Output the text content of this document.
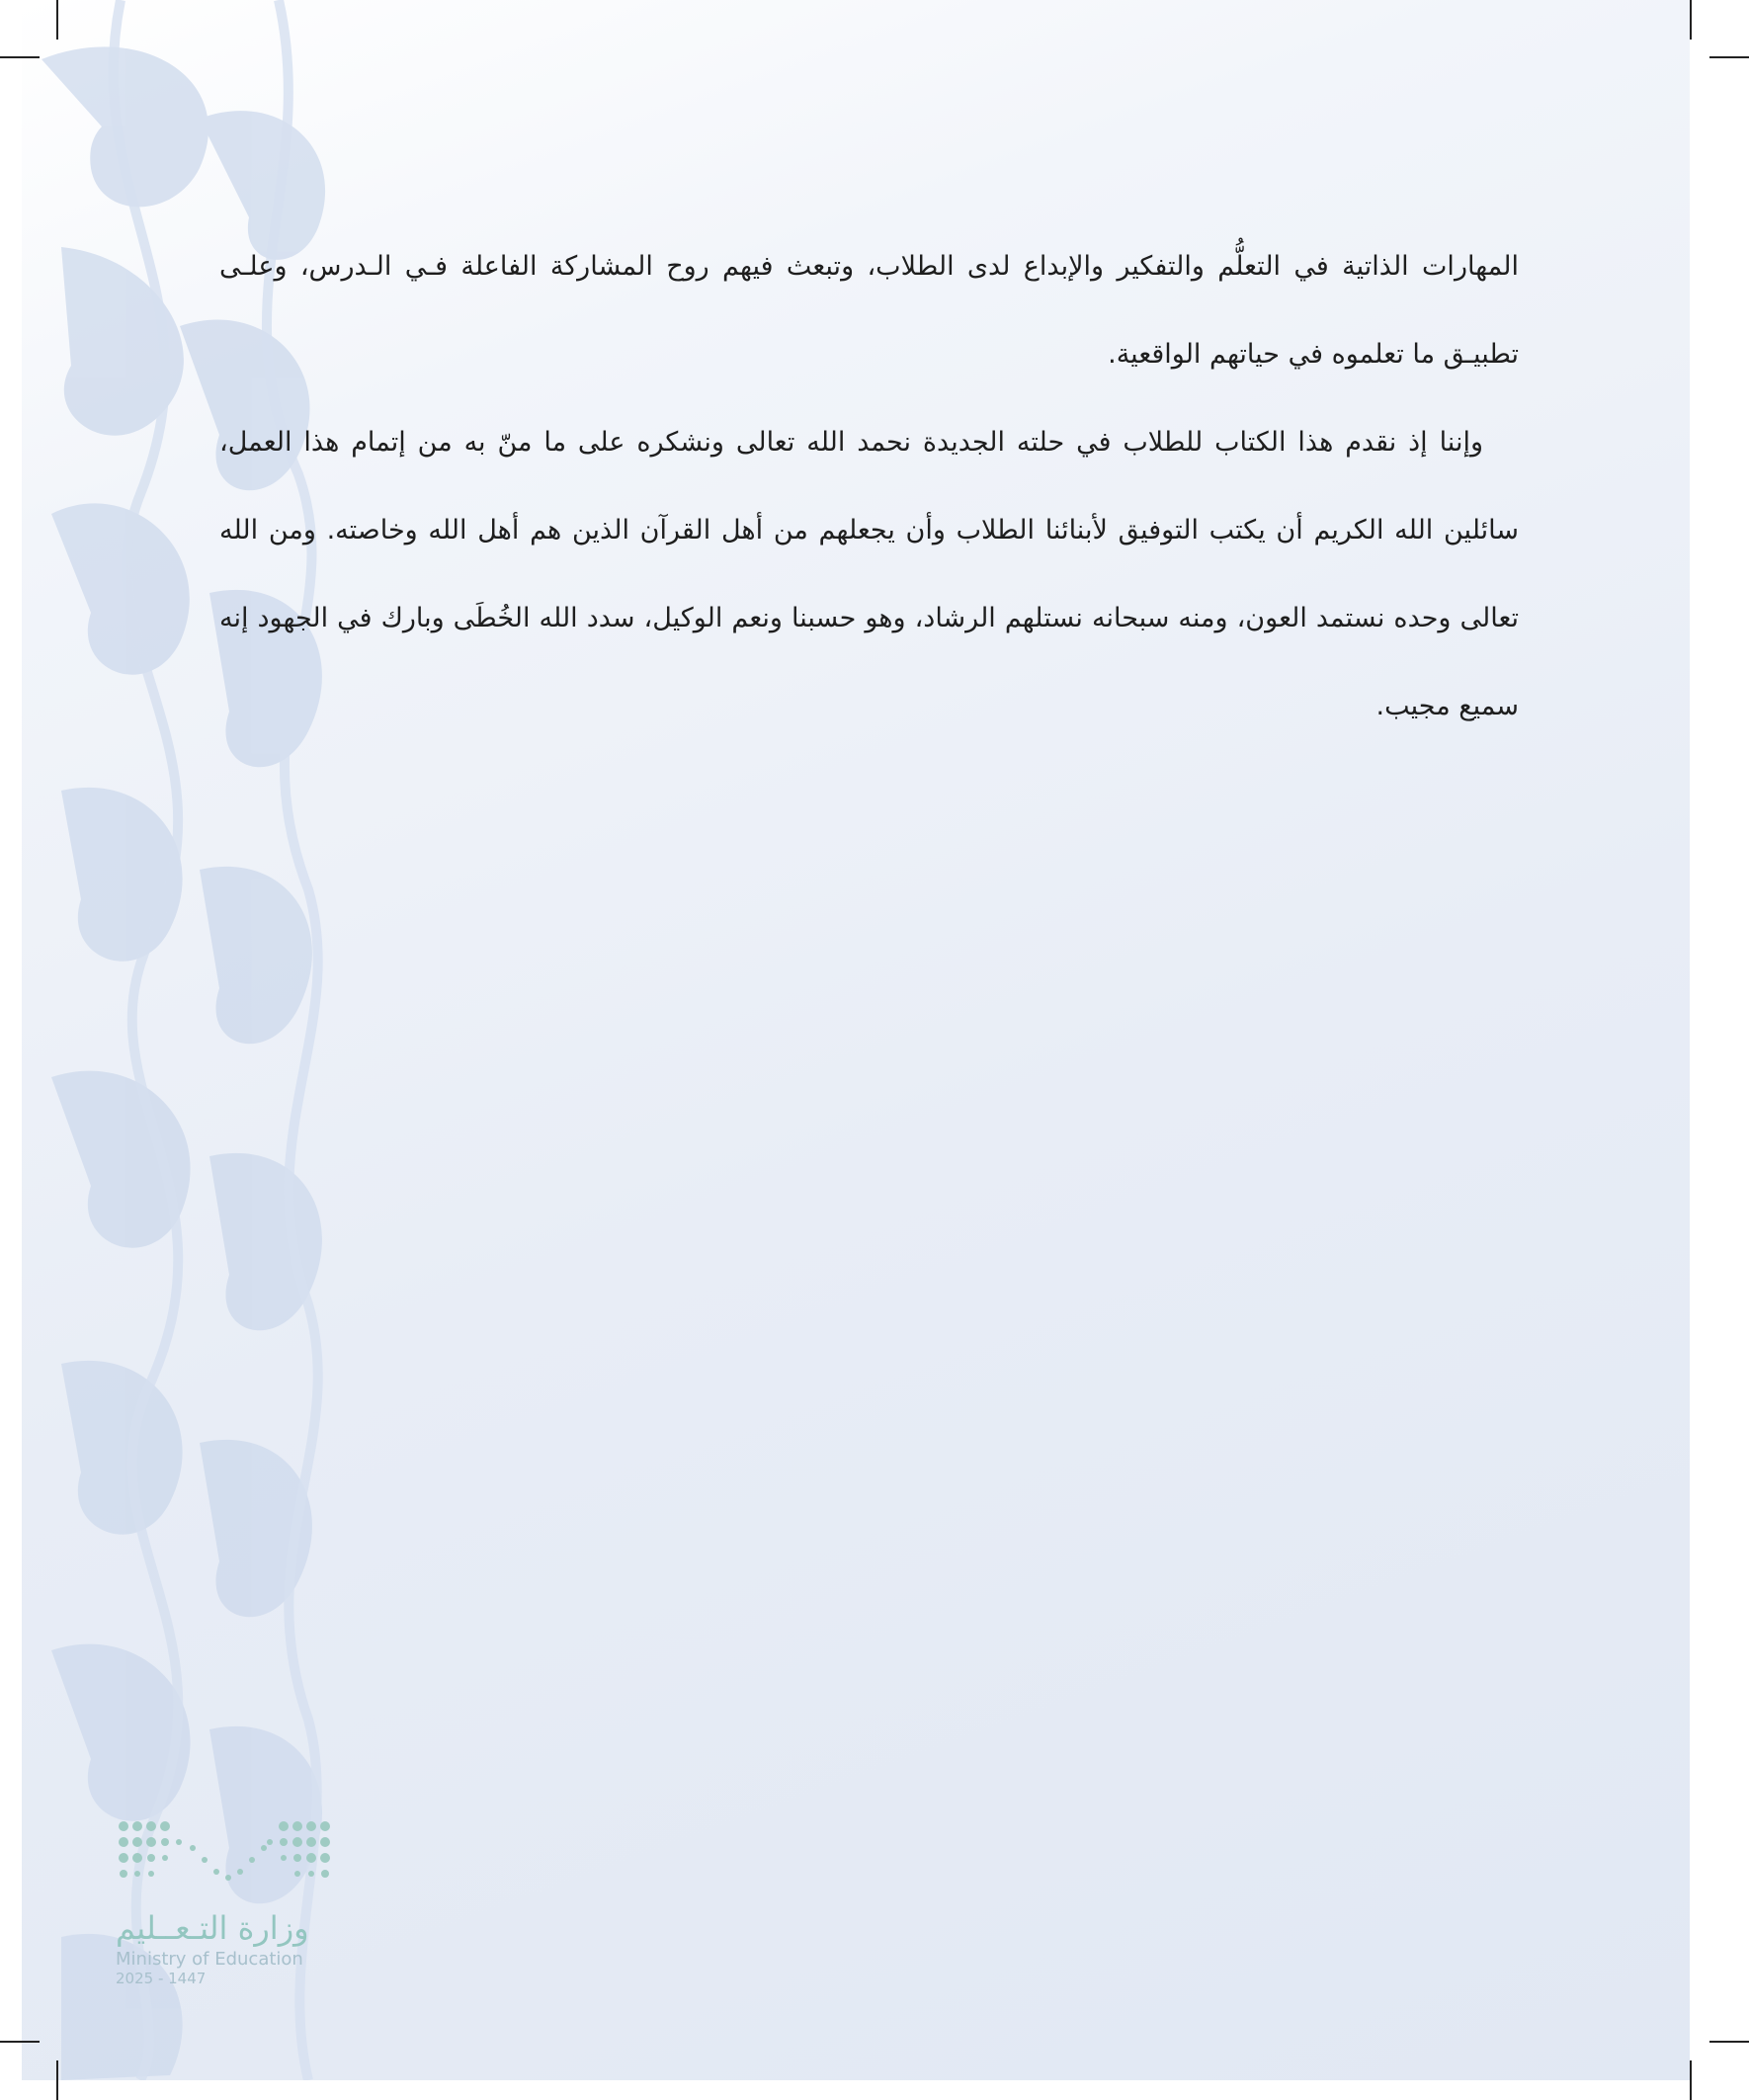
وزارة التـعــليم
Ministry of Education
2025 - 1447

المهارات الذاتية في التعلُّم والتفكير والإبداع لدى الطلاب، وتبعث فيهم روح المشاركة الفاعلة فـي الـدرس، وعلـى تطبيـق ما تعلموه في حياتهم الواقعية.

وإننا إذ نقدم هذا الكتاب للطلاب في حلته الجديدة نحمد الله تعالى ونشكره على ما منّ به من إتمام هذا العمل، سائلين الله الكريم أن يكتب التوفيق لأبنائنا الطلاب وأن يجعلهم من أهل القرآن الذين هم أهل الله وخاصته. ومن الله تعالى وحده نستمد العون، ومنه سبحانه نستلهم الرشاد، وهو حسبنا ونعم الوكيل، سدد الله الخُطَى وبارك في الجهود إنه سميع مجيب.
